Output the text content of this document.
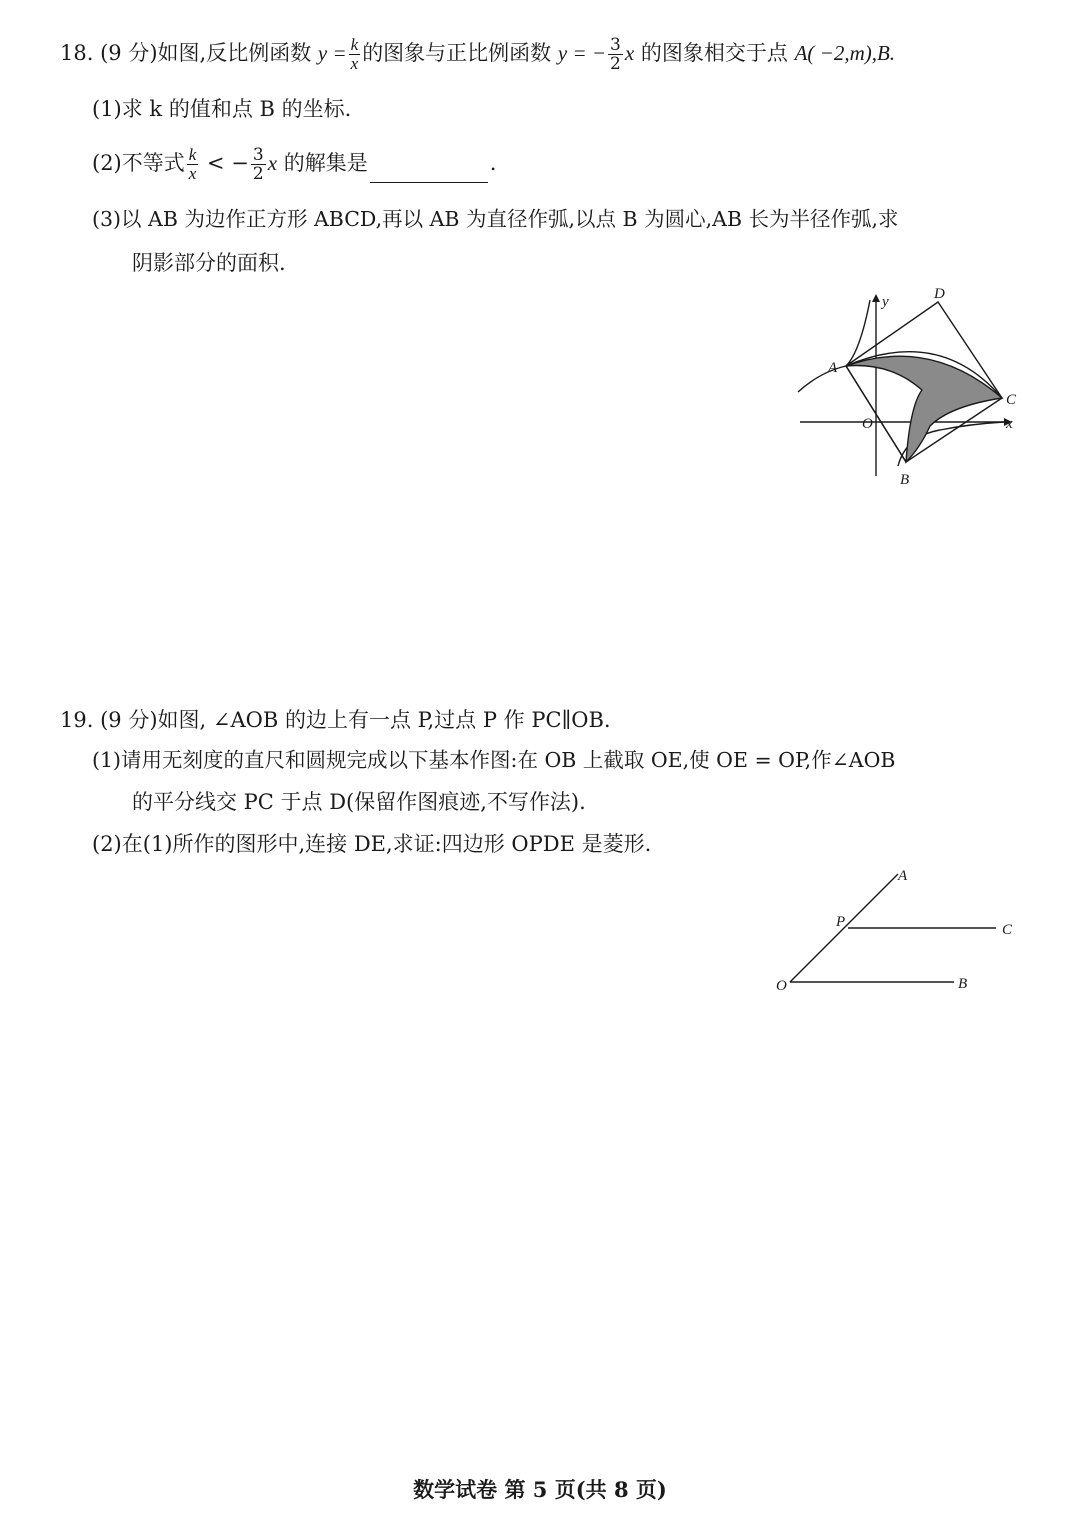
18. (9 分)如图,反比例函数 $y = \frac{k}{x}$ 的图象与正比例函数 y = − $\frac{3}{2}$ x 的图象相交于点 A( −2,m),B.
(1)求 k 的值和点 B 的坐标.
(2)不等式 $\frac{k}{x}$ < − $\frac{3}{2}$ x 的解集是	.
(3)以 AB 为边作正方形 ABCD,再以 AB 为直径作弧,以点 B 为圆心,AB 长为半径作弧,求
阴影部分的面积.
y	D
A
C
O	x
B
19. (9 分)如图, ∠AOB 的边上有一点 P,过点 P 作 PC∥OB.
(1)请用无刻度的直尺和圆规完成以下基本作图:在 OB 上截取 OE,使 OE = OP,作∠AOB
的平分线交 PC 于点 D(保留作图痕迹,不写作法).
(2)在(1)所作的图形中,连接 DE,求证:四边形 OPDE 是菱形.
A
P	C
O	B
数学试卷 第 5 页(共 8 页)
